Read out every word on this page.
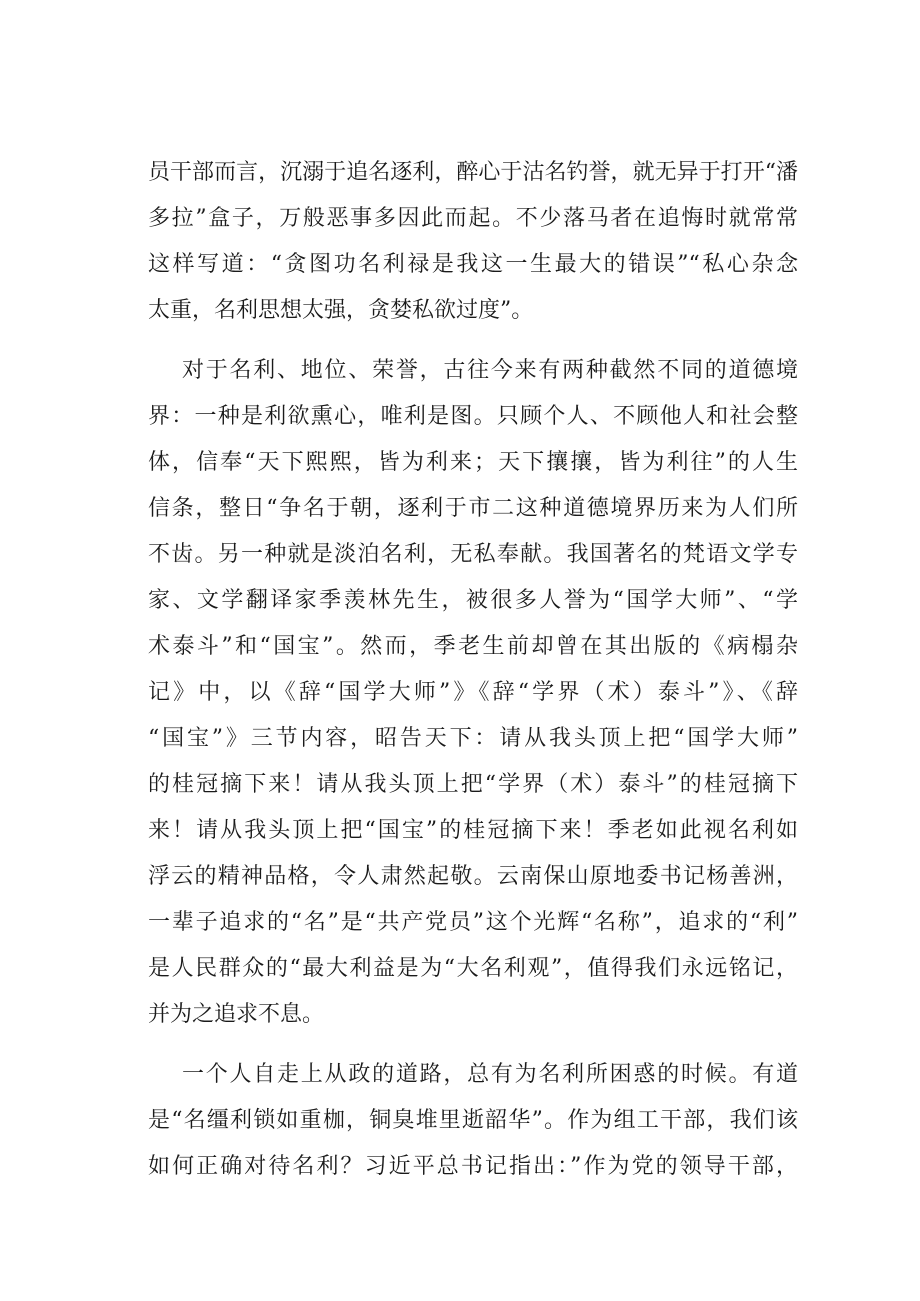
员干部而言，沉溺于追名逐利，醉心于沽名钓誉，就无异于打开“潘
多拉”盒子，万般恶事多因此而起。不少落马者在追悔时就常常
这样写道：“贪图功名利禄是我这一生最大的错误”“私心杂念
太重，名利思想太强，贪婪私欲过度”。
对于名利、地位、荣誉，古往今来有两种截然不同的道德境
界：一种是利欲熏心，唯利是图。只顾个人、不顾他人和社会整
体，信奉“天下熙熙，皆为利来；天下攘攘，皆为利往”的人生
信条，整日“争名于朝，逐利于市二这种道德境界历来为人们所
不齿。另一种就是淡泊名利，无私奉献。我国著名的梵语文学专
家、文学翻译家季羡林先生，被很多人誉为“国学大师”、“学
术泰斗”和“国宝”。然而，季老生前却曾在其出版的《病榻杂
记》中，以《辞“国学大师”》《辞“学界（术）泰斗”》、《辞
“国宝”》三节内容，昭告天下：请从我头顶上把“国学大师”
的桂冠摘下来！请从我头顶上把“学界（术）泰斗”的桂冠摘下
来！请从我头顶上把“国宝”的桂冠摘下来！季老如此视名利如
浮云的精神品格，令人肃然起敬。云南保山原地委书记杨善洲，
一辈子追求的“名”是“共产党员”这个光辉“名称”，追求的“利”
是人民群众的“最大利益是为“大名利观”，值得我们永远铭记，
并为之追求不息。
一个人自走上从政的道路，总有为名利所困惑的时候。有道
是“名缰利锁如重枷，铜臭堆里逝韶华”。作为组工干部，我们该
如何正确对待名利？习近平总书记指出：”作为党的领导干部，
